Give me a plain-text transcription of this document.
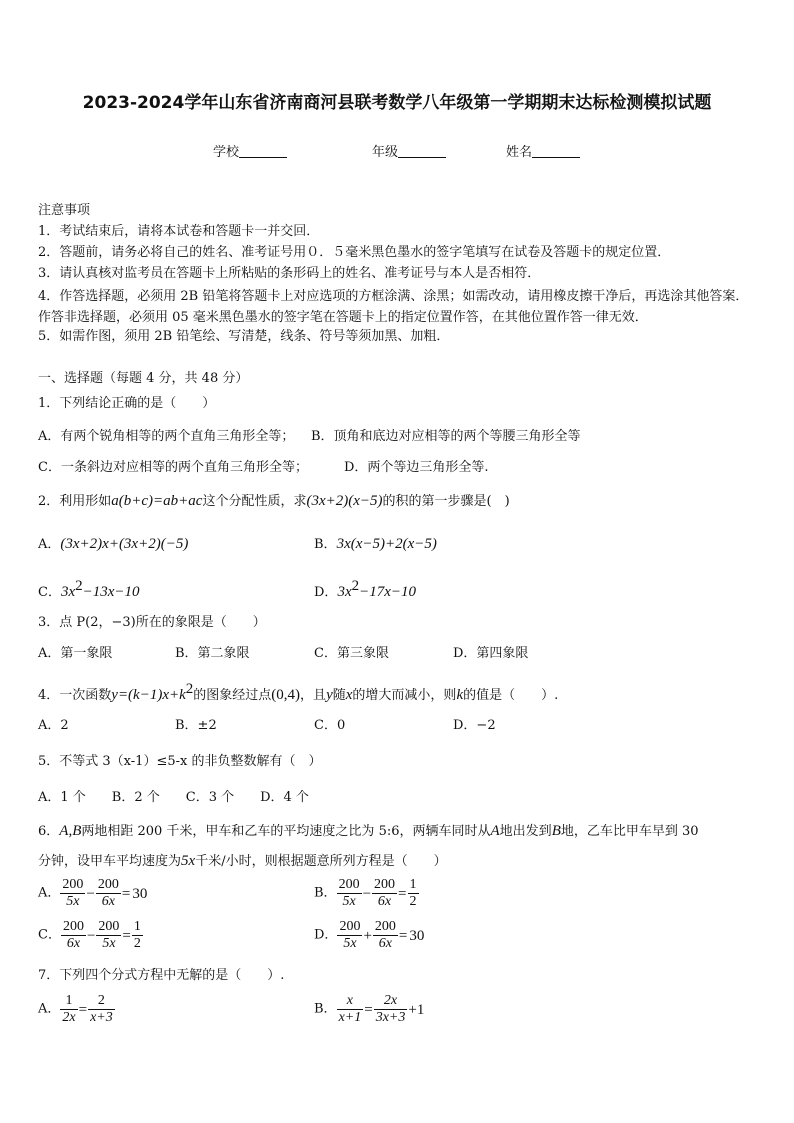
2023-2024学年山东省济南商河县联考数学八年级第一学期期末达标检测模拟试题
学校	年级	姓名
注意事项
1．考试结束后，请将本试卷和答题卡一并交回．
2．答题前，请务必将自己的姓名、准考证号用０．５毫米黑色墨水的签字笔填写在试卷及答题卡的规定位置．
3．请认真核对监考员在答题卡上所粘贴的条形码上的姓名、准考证号与本人是否相符．
4．作答选择题，必须用 2B 铅笔将答题卡上对应选项的方框涂满、涂黑；如需改动，请用橡皮擦干净后，再选涂其他答案．作答非选择题，必须用 05 毫米黑色墨水的签字笔在答题卡上的指定位置作答，在其他位置作答一律无效．
5．如需作图，须用 2B 铅笔绘、写清楚，线条、符号等须加黑、加粗．
一、选择题（每题 4 分，共 48 分）
1．下列结论正确的是（　　）
A．有两个锐角相等的两个直角三角形全等； B．顶角和底边对应相等的两个等腰三角形全等
C．一条斜边对应相等的两个直角三角形全等；	D．两个等边三角形全等.
2．利用形如a(b+c)=ab+ac这个分配性质，求(3x+2)(x−5)的积的第一步骤是(　)
A．(3x+2)x+(3x+2)(−5)	B．3x(x−5)+2(x−5)
C．$3x^2-13x-10$	D．$3x^2-17x-10$
3．点 P(2，−3)所在的象限是（　　）
A．第一象限	B．第二象限	C．第三象限	D．第四象限
4．一次函数$y=(k-1)x+k^2$的图象经过点(0,4)，且y随x的增大而减小，则k的值是（　　）.
A．2	B．±2	C．0	D．−2
5．不等式 3（x-1）≤5-x 的非负整数解有（　）
A．1 个　　B．2 个　　C．3 个　　D．4 个
6．A,B两地相距 200 千米，甲车和乙车的平均速度之比为 5:6，两辆车同时从A地出发到B地，乙车比甲车早到 30
分钟，设甲车平均速度为5x千米/小时，则根据题意所列方程是（　　）
A． $\frac{200}{5x} - \frac{200}{6x} = 30$	B． $\frac{200}{5x} - \frac{200}{6x} = \frac{1}{2}$
C． $\frac{200}{6x} - \frac{200}{5x} = \frac{1}{2}$	D． $\frac{200}{5x} + \frac{200}{6x} = 30$
7．下列四个分式方程中无解的是（　　）.
A． $\frac{1}{2x} = \frac{2}{x+3}$	B． $\frac{x}{x+1} = \frac{2x}{3x+3} +1$
